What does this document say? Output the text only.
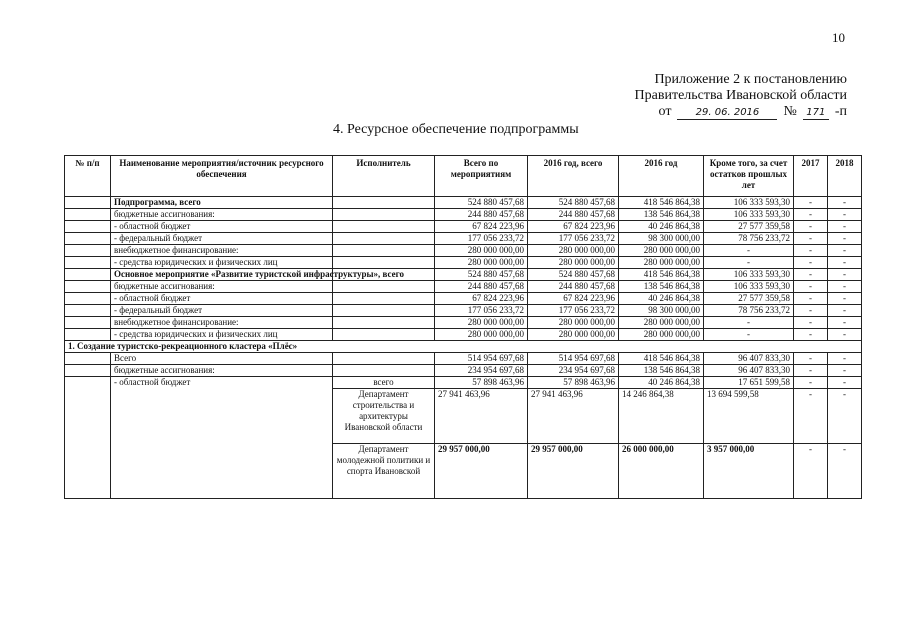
10
Приложение 2 к постановлению
Правительства Ивановской области
от	29. 06. 2016	№ 171 -п
4. Ресурсное обеспечение подпрограммы
№ п/п	Наименование мероприятия/источник ресурсного обеспечения	Исполнитель	Всего по мероприятиям	2016 год, всего	2016 год	Кроме того, за счет остатков прошлых лет	2017	2018
	Подпрограмма, всего		524 880 457,68	524 880 457,68	418 546 864,38	106 333 593,30	-	-
	бюджетные ассигнования:		244 880 457,68	244 880 457,68	138 546 864,38	106 333 593,30	-	-
	- областной бюджет		67 824 223,96	67 824 223,96	40 246 864,38	27 577 359,58	-	-
	- федеральный бюджет		177 056 233,72	177 056 233,72	98 300 000,00	78 756 233,72	-	-
	внебюджетное финансирование:		280 000 000,00	280 000 000,00	280 000 000,00	-	-	-
	- средства юридических и физических лиц		280 000 000,00	280 000 000,00	280 000 000,00	-	-	-
	Основное мероприятие «Развитие туристской инфраструктуры», всего		524 880 457,68	524 880 457,68	418 546 864,38	106 333 593,30	-	-
	бюджетные ассигнования:		244 880 457,68	244 880 457,68	138 546 864,38	106 333 593,30	-	-
	- областной бюджет		67 824 223,96	67 824 223,96	40 246 864,38	27 577 359,58	-	-
	- федеральный бюджет		177 056 233,72	177 056 233,72	98 300 000,00	78 756 233,72	-	-
	внебюджетное финансирование:		280 000 000,00	280 000 000,00	280 000 000,00	-	-	-
	- средства юридических и физических лиц		280 000 000,00	280 000 000,00	280 000 000,00	-	-	-
1. Создание туристско-рекреационного кластера «Плёс»								
	Всего		514 954 697,68	514 954 697,68	418 546 864,38	96 407 833,30	-	-
	бюджетные ассигнования:		234 954 697,68	234 954 697,68	138 546 864,38	96 407 833,30	-	-
	- областной бюджет	всего	57 898 463,96	57 898 463,96	40 246 864,38	17 651 599,58	-	-
		Департамент строительства и архитектуры Ивановской области	27 941 463,96	27 941 463,96	14 246 864,38	13 694 599,58	-	-
		Департамент молодежной политики и спорта Ивановской	29 957 000,00	29 957 000,00	26 000 000,00	3 957 000,00	-	-
